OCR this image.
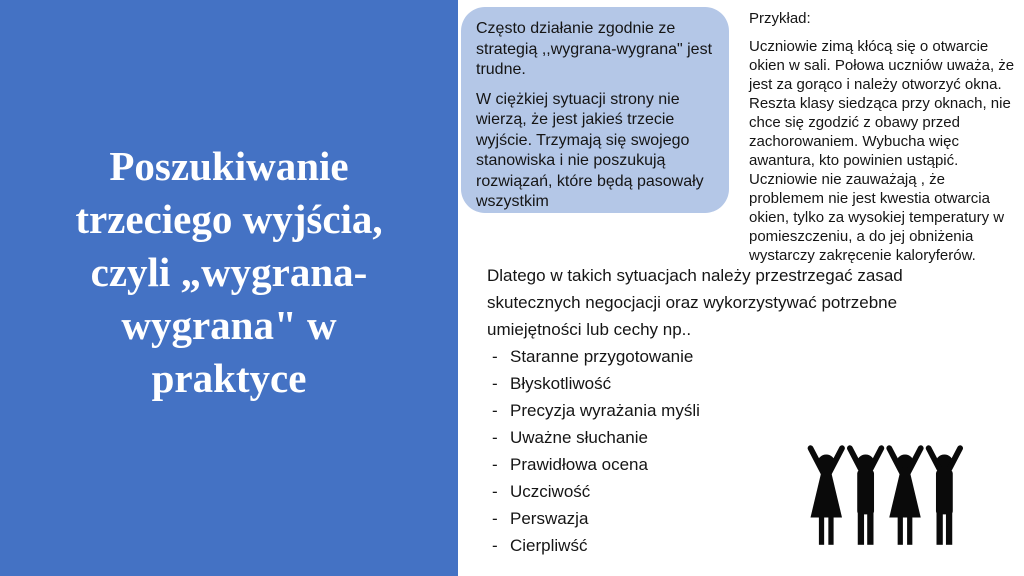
Poszukiwanie
trzeciego wyjścia,
czyli „wygrana-
wygrana" w
praktyce

Często działanie zgodnie ze strategią ,,wygrana-wygrana" jest trudne.

W ciężkiej sytuacji strony nie wierzą, że jest jakieś trzecie wyjście. Trzymają się swojego stanowiska i nie poszukują rozwiązań, które będą pasowały wszystkim

Przykład:

Uczniowie zimą kłócą się o otwarcie okien w sali. Połowa uczniów uważa, że jest za gorąco i należy otworzyć okna. Reszta klasy siedząca przy oknach, nie chce się zgodzić z obawy przed zachorowaniem. Wybucha więc awantura, kto powinien ustąpić. Uczniowie nie zauważają , że problemem nie jest kwestia otwarcia okien, tylko za wysokiej temperatury w pomieszczeniu, a do jej obniżenia wystarczy zakręcenie kaloryferów.

Dlatego w takich sytuacjach należy przestrzegać zasad skutecznych negocjacji oraz wykorzystywać potrzebne umiejętności lub cechy np..

- Staranne przygotowanie
- Błyskotliwość
- Precyzja wyrażania myśli
- Uważne słuchanie
- Prawidłowa ocena
- Uczciwość
- Perswazja
- Cierpliwść
